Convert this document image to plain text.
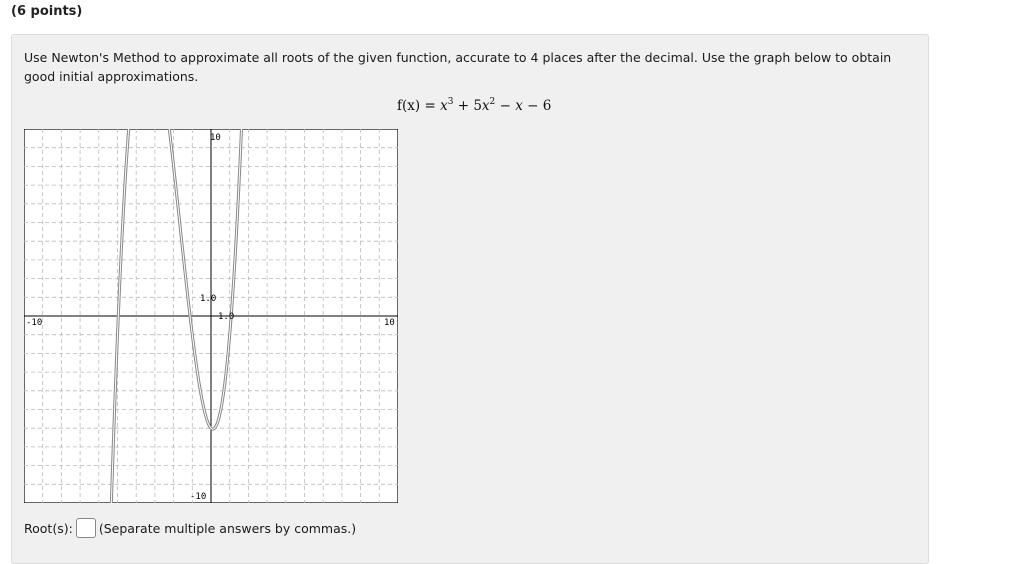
(6 points)
Use Newton's Method to approximate all roots of the given function, accurate to 4 places after the decimal. Use the graph below to obtain good initial approximations.
$f(x) = x^3 + 5x^2 - x - 6$
10
-10
-10	10
1.0
1.0
Root(s): (Separate multiple answers by commas.)
